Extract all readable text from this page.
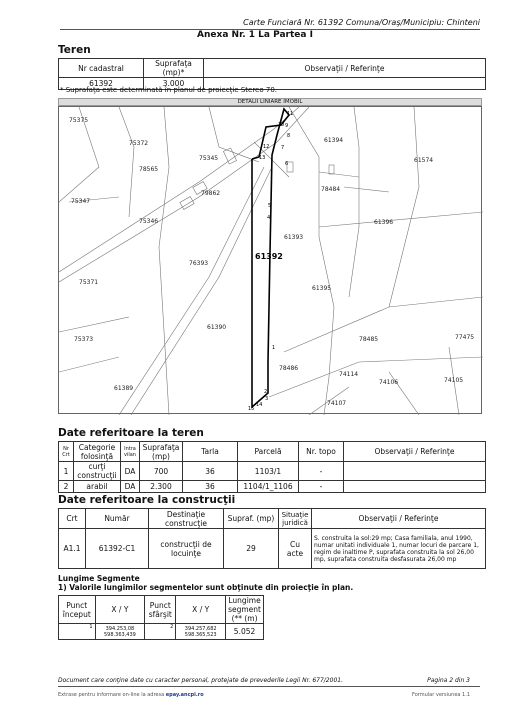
Carte Funciară Nr. 61392 Comuna/Oraş/Municipiu: Chinteni
Anexa Nr. 1 La Partea I
Teren
Nr cadastral	Suprafaţa (mp)*	Observaţii / Referinţe
61392	3.000	
* Suprafaţa este determinată în planul de proiecţie Stereo 70.
DETALII LINIARE IMOBIL
75375
75372
78565
75345
61394
61574
79862
78484
75347
75346	61396
61393
61392
76393
75371
61395
61390
75373	78485	77475
78486
74114
74106	74105
61389
74107
1
2
3
4
5
6
7
8
9
10
11
12
13
14
15
Date referitoare la teren
Nr Crt	Categorie folosinţă	Intra vilan	Suprafaţa (mp)	Tarla	Parcelă	Nr. topo	Observaţii / Referinţe
1	curţi construcţii	DA	700	36	1103/1	-	
2	arabil	DA	2.300	36	1104/1_1106	-	
Date referitoare la construcţii
Crt	Număr	Destinaţie construcţie	Supraf. (mp)	Situaţie juridică	Observaţii / Referinţe
A1.1	61392-C1	construcţii de locuinţe	29	Cu acte	S. construita la sol:29 mp; Casa familiala, anul 1990, numar unitati individuale 1, numar locuri de parcare 1, regim de inaltime P, suprafata construita la sol 26,00 mp, suprafata construita desfasurata 26,00 mp
Lungime Segmente
1) Valorile lungimilor segmentelor sunt obţinute din proiecţie în plan.
Punct început	X / Y	Punct sfârşit	X / Y	Lungime segment (** (m)
1	394.253,08 598.363,439	2	394.257,682 598.365,523	5.052
Document care conţine date cu caracter personal, protejate de prevederile Legii Nr. 677/2001.	Pagina 2 din 3
Extrase pentru informare on-line la adresa epay.ancpi.ro	Formular versiunea 1.1
